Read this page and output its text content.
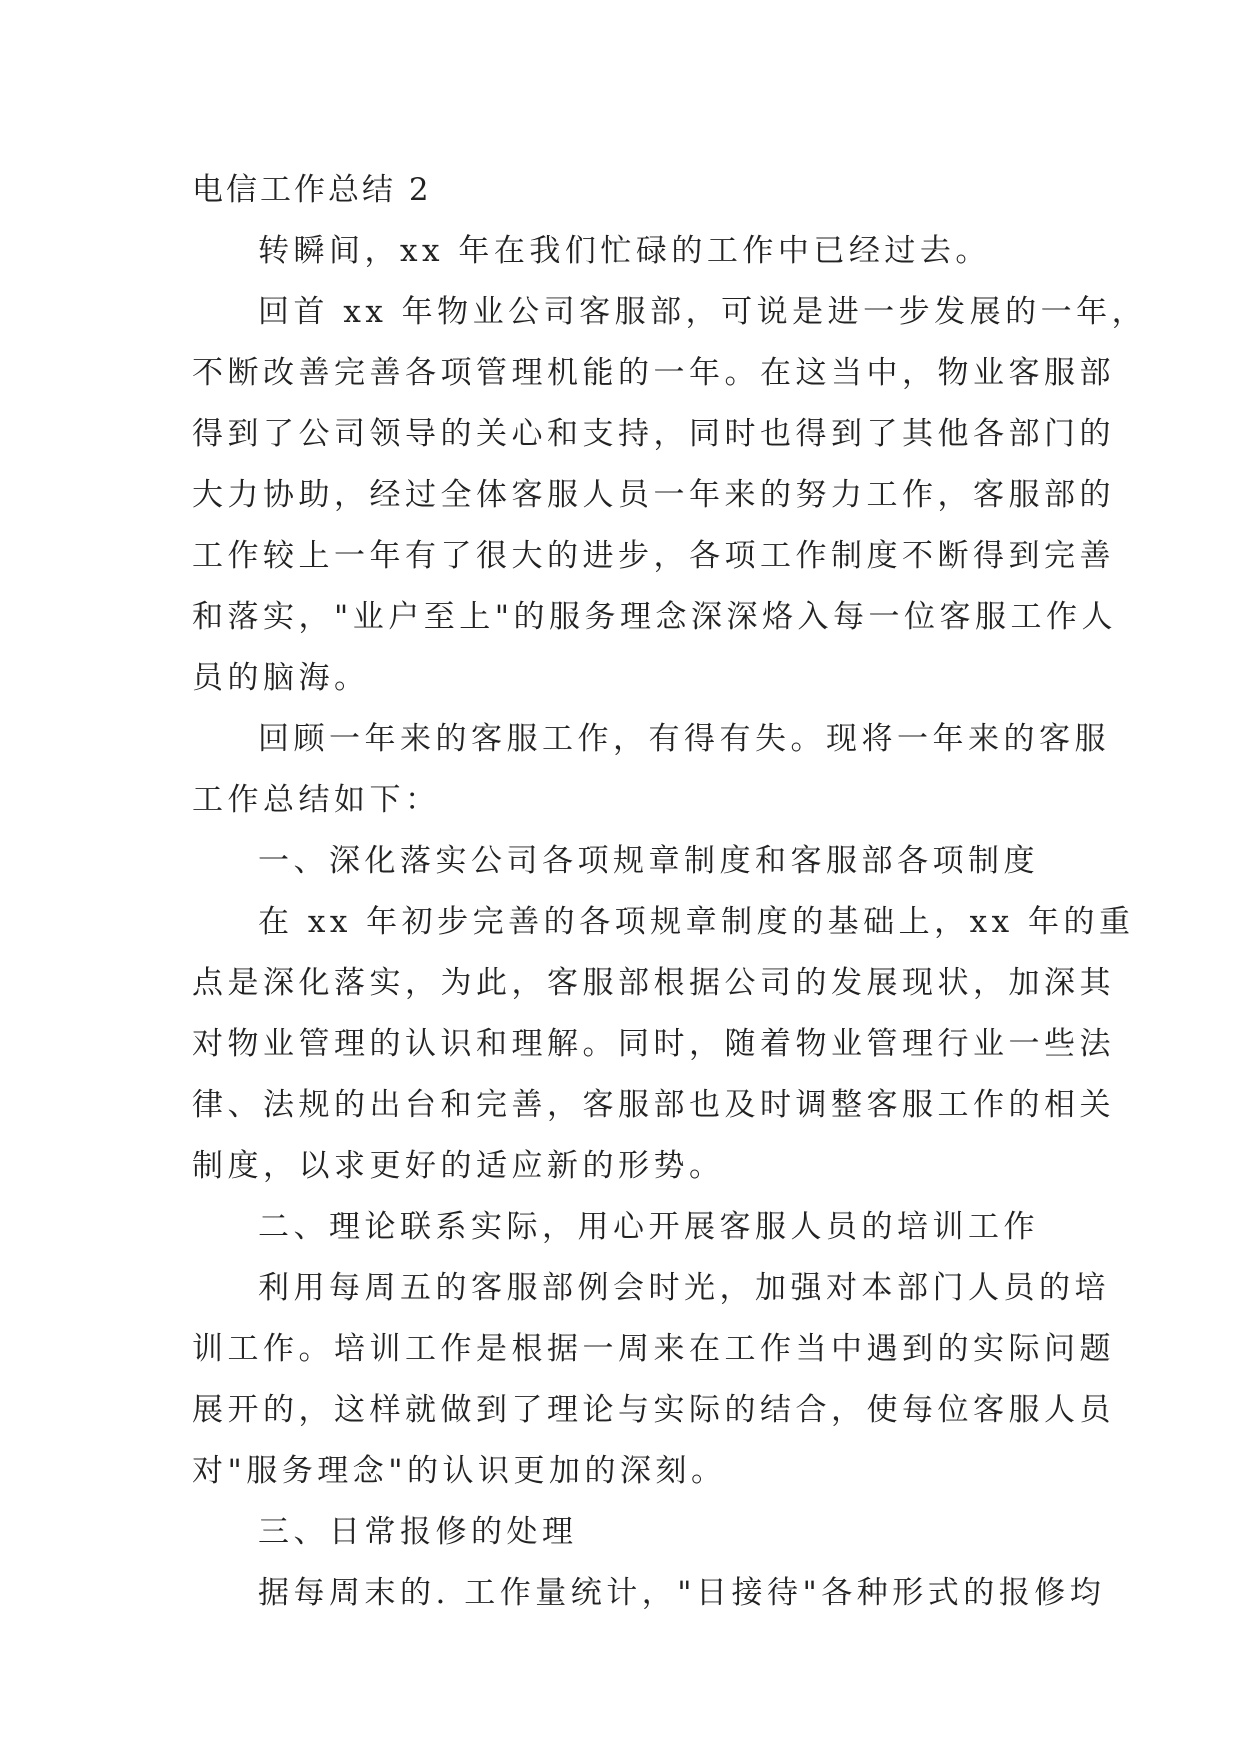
电信工作总结 2
转瞬间，xx 年在我们忙碌的工作中已经过去。
回首 xx 年物业公司客服部，可说是进一步发展的一年，
不断改善完善各项管理机能的一年。在这当中，物业客服部
得到了公司领导的关心和支持，同时也得到了其他各部门的
大力协助，经过全体客服人员一年来的努力工作，客服部的
工作较上一年有了很大的进步，各项工作制度不断得到完善
和落实，"业户至上"的服务理念深深烙入每一位客服工作人
员的脑海。
回顾一年来的客服工作，有得有失。现将一年来的客服
工作总结如下：
一、深化落实公司各项规章制度和客服部各项制度
在 xx 年初步完善的各项规章制度的基础上，xx 年的重
点是深化落实，为此，客服部根据公司的发展现状，加深其
对物业管理的认识和理解。同时，随着物业管理行业一些法
律、法规的出台和完善，客服部也及时调整客服工作的相关
制度，以求更好的适应新的形势。
二、理论联系实际，用心开展客服人员的培训工作
利用每周五的客服部例会时光，加强对本部门人员的培
训工作。培训工作是根据一周来在工作当中遇到的实际问题
展开的，这样就做到了理论与实际的结合，使每位客服人员
对"服务理念"的认识更加的深刻。
三、日常报修的处理
据每周末的. 工作量统计，"日接待"各种形式的报修均
